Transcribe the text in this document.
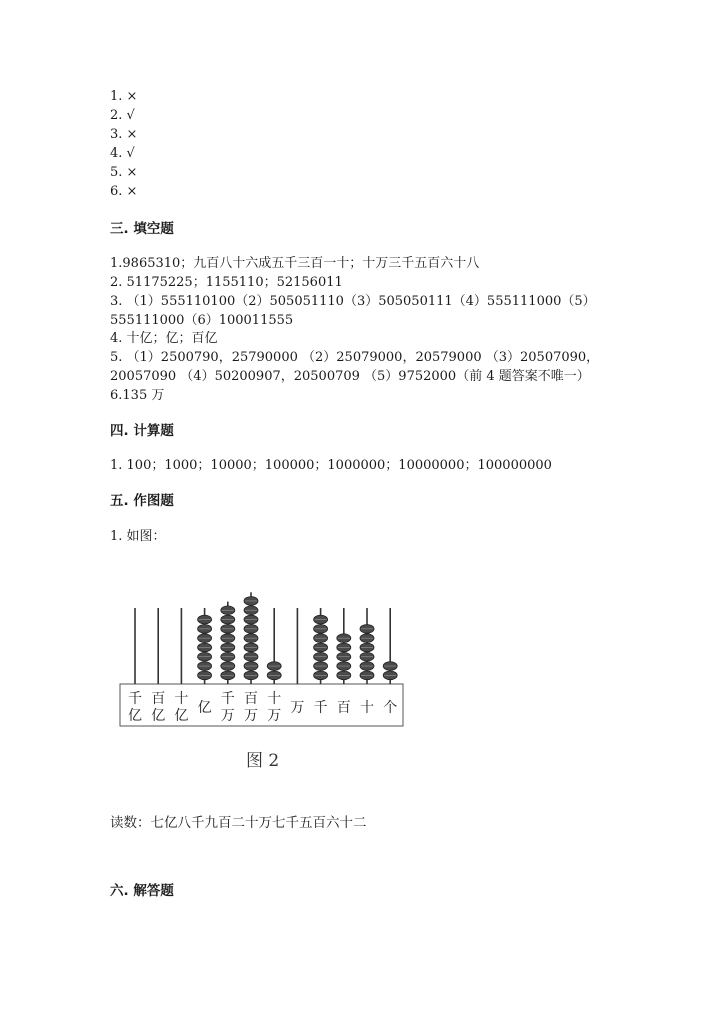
1. ×
2. √
3. ×
4. √
5. ×
6. ×
三. 填空题
1.9865310；九百八十六成五千三百一十；十万三千五百六十八
2. 51175225；1155110；52156011
3. （1）555110100（2）505051110（3）505050111（4）555111000（5）
555111000（6）100011555
4. 十亿；亿；百亿
5. （1）2500790，25790000 （2）25079000，20579000 （3）20507090，
20057090 （4）50200907，20500709 （5）9752000（前 4 题答案不唯一）
6.135 万
四. 计算题
1. 100；1000；10000；100000；1000000；10000000；100000000
五. 作图题
1. 如图：
千
亿
百
亿
十
亿 亿
千
万
百
万
十
万 万 千 百 十 个
图 2
读数：七亿八千九百二十万七千五百六十二
六. 解答题
